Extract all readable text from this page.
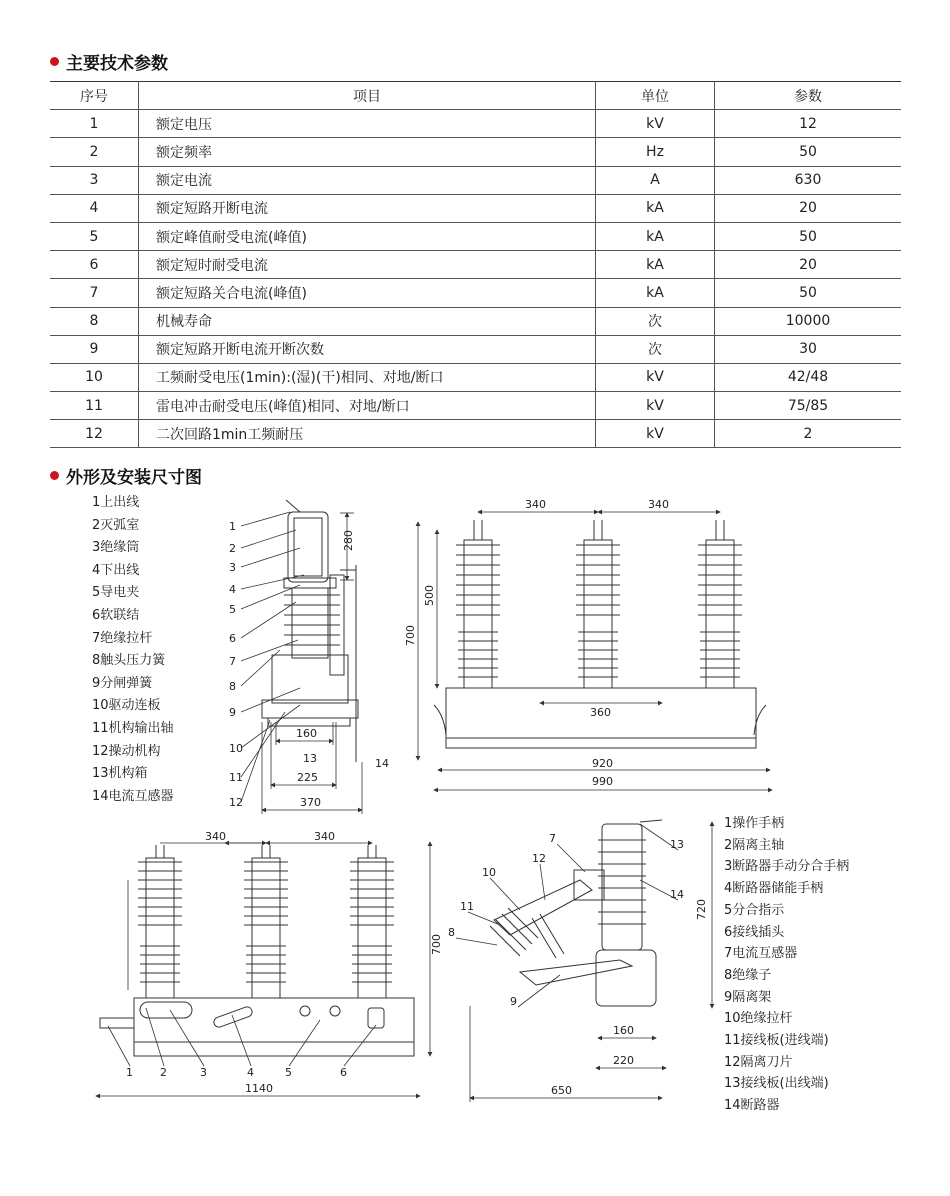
主要技术参数
序号	项目	单位	参数
1	额定电压	kV	12
2	额定频率	Hz	50
3	额定电流	A	630
4	额定短路开断电流	kA	20
5	额定峰值耐受电流(峰值)	kA	50
6	额定短时耐受电流	kA	20
7	额定短路关合电流(峰值)	kA	50
8	机械寿命	次	10000
9	额定短路开断电流开断次数	次	30
10	工频耐受电压(1min):(湿)(干)相同、对地/断口	kV	42/48
11	雷电冲击耐受电压(峰值)相同、对地/断口	kV	75/85
12	二次回路1min工频耐压	kV	2
外形及安装尺寸图
1上出线
2灭弧室
3绝缘筒
4下出线
5导电夹
6软联结
7绝缘拉杆
8触头压力簧
9分闸弹簧
10驱动连板
11机构输出轴
12操动机构
13机构箱
14电流互感器
1操作手柄
2隔离主轴
3断路器手动分合手柄
4断路器储能手柄
5分合指示
6接线插头
7电流互感器
8绝缘子
9隔离架
10绝缘拉杆
11接线板(进线端)
12隔离刀片
13接线板(出线端)
14断路器
1
2
3
4
5
6
7
8
9
10
11
12
14
13
280
160
225
370
340	340
360
920
990
500
700
1 2	3	4	5	6
340	340
700
1140
7
12
10
11
8
9
13
14
160
220
650
720
